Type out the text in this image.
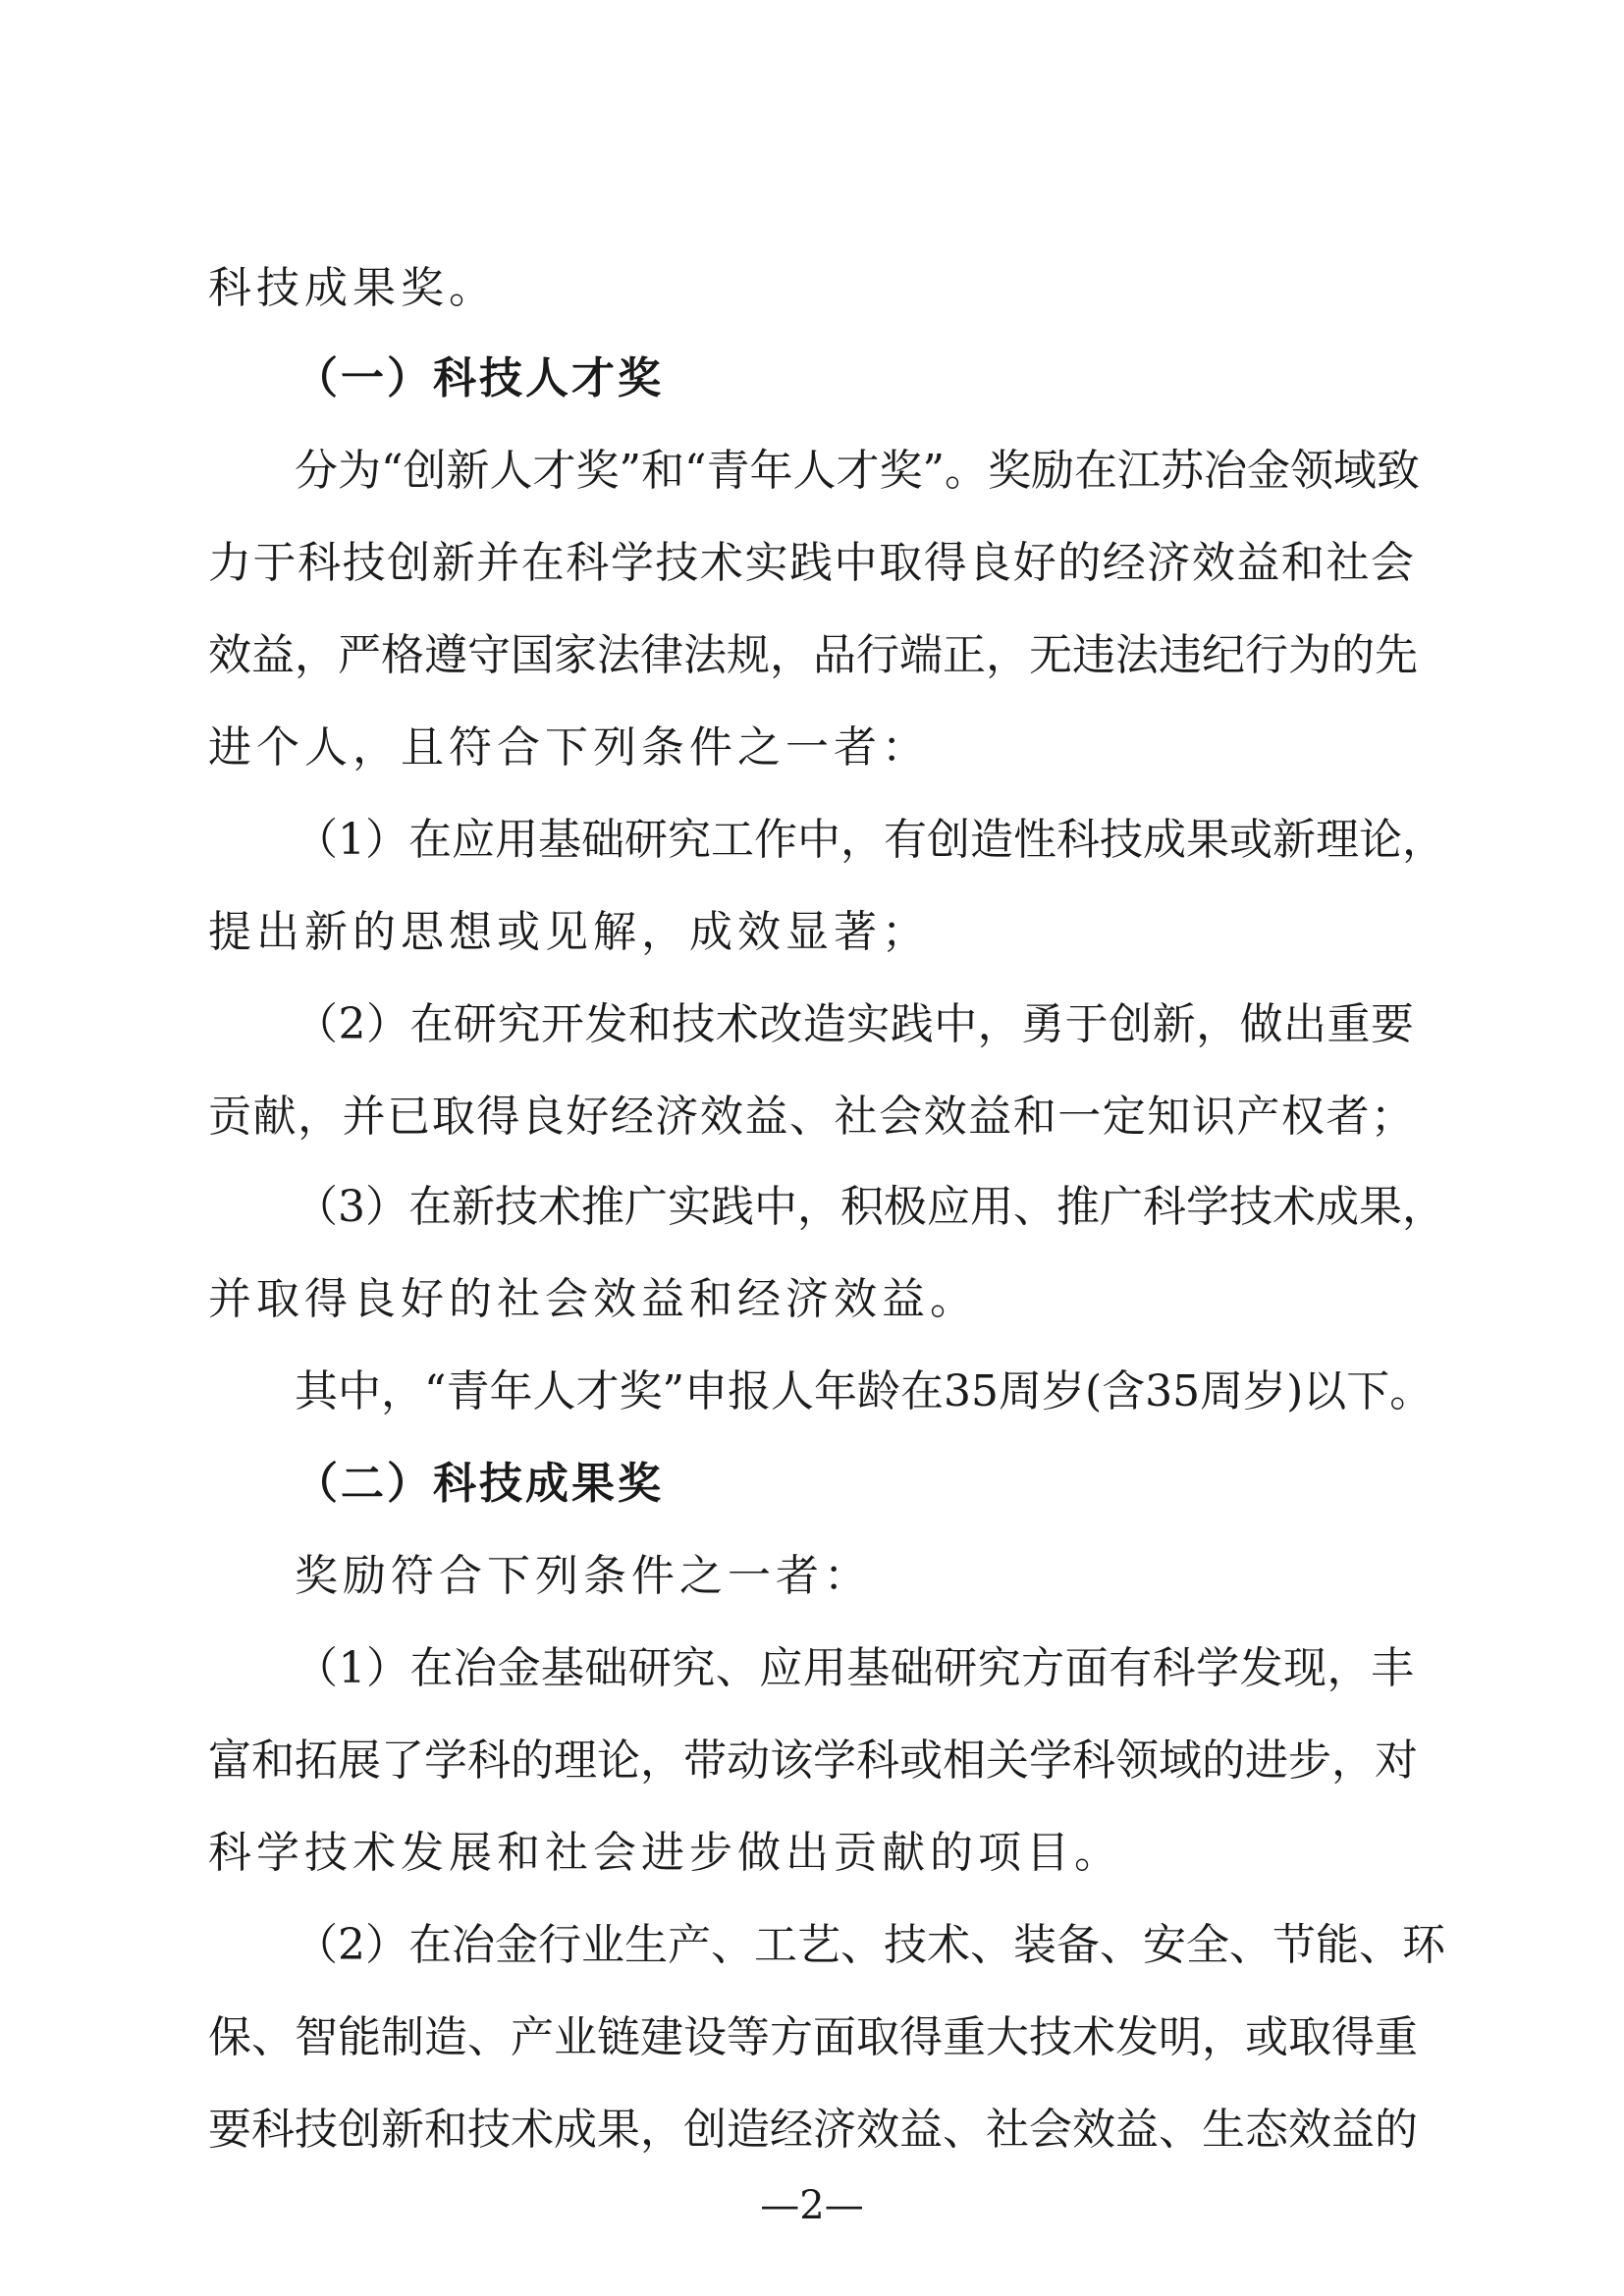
科技成果奖。
（一）科技人才奖
分为“创新人才奖”和“青年人才奖”。奖励在江苏冶金领域致
力于科技创新并在科学技术实践中取得良好的经济效益和社会
效益，严格遵守国家法律法规，品行端正，无违法违纪行为的先
进个人，且符合下列条件之一者：
（1）在应用基础研究工作中，有创造性科技成果或新理论，
提出新的思想或见解，成效显著；
（2）在研究开发和技术改造实践中，勇于创新，做出重要
贡献，并已取得良好经济效益、社会效益和一定知识产权者；
（3）在新技术推广实践中，积极应用、推广科学技术成果，
并取得良好的社会效益和经济效益。
其中，“青年人才奖”申报人年龄在35周岁(含35周岁)以下。
（二）科技成果奖
奖励符合下列条件之一者：
（1）在冶金基础研究、应用基础研究方面有科学发现，丰
富和拓展了学科的理论，带动该学科或相关学科领域的进步，对
科学技术发展和社会进步做出贡献的项目。
（2）在冶金行业生产、工艺、技术、装备、安全、节能、环
保、智能制造、产业链建设等方面取得重大技术发明，或取得重
要科技创新和技术成果，创造经济效益、社会效益、生态效益的
—2—
